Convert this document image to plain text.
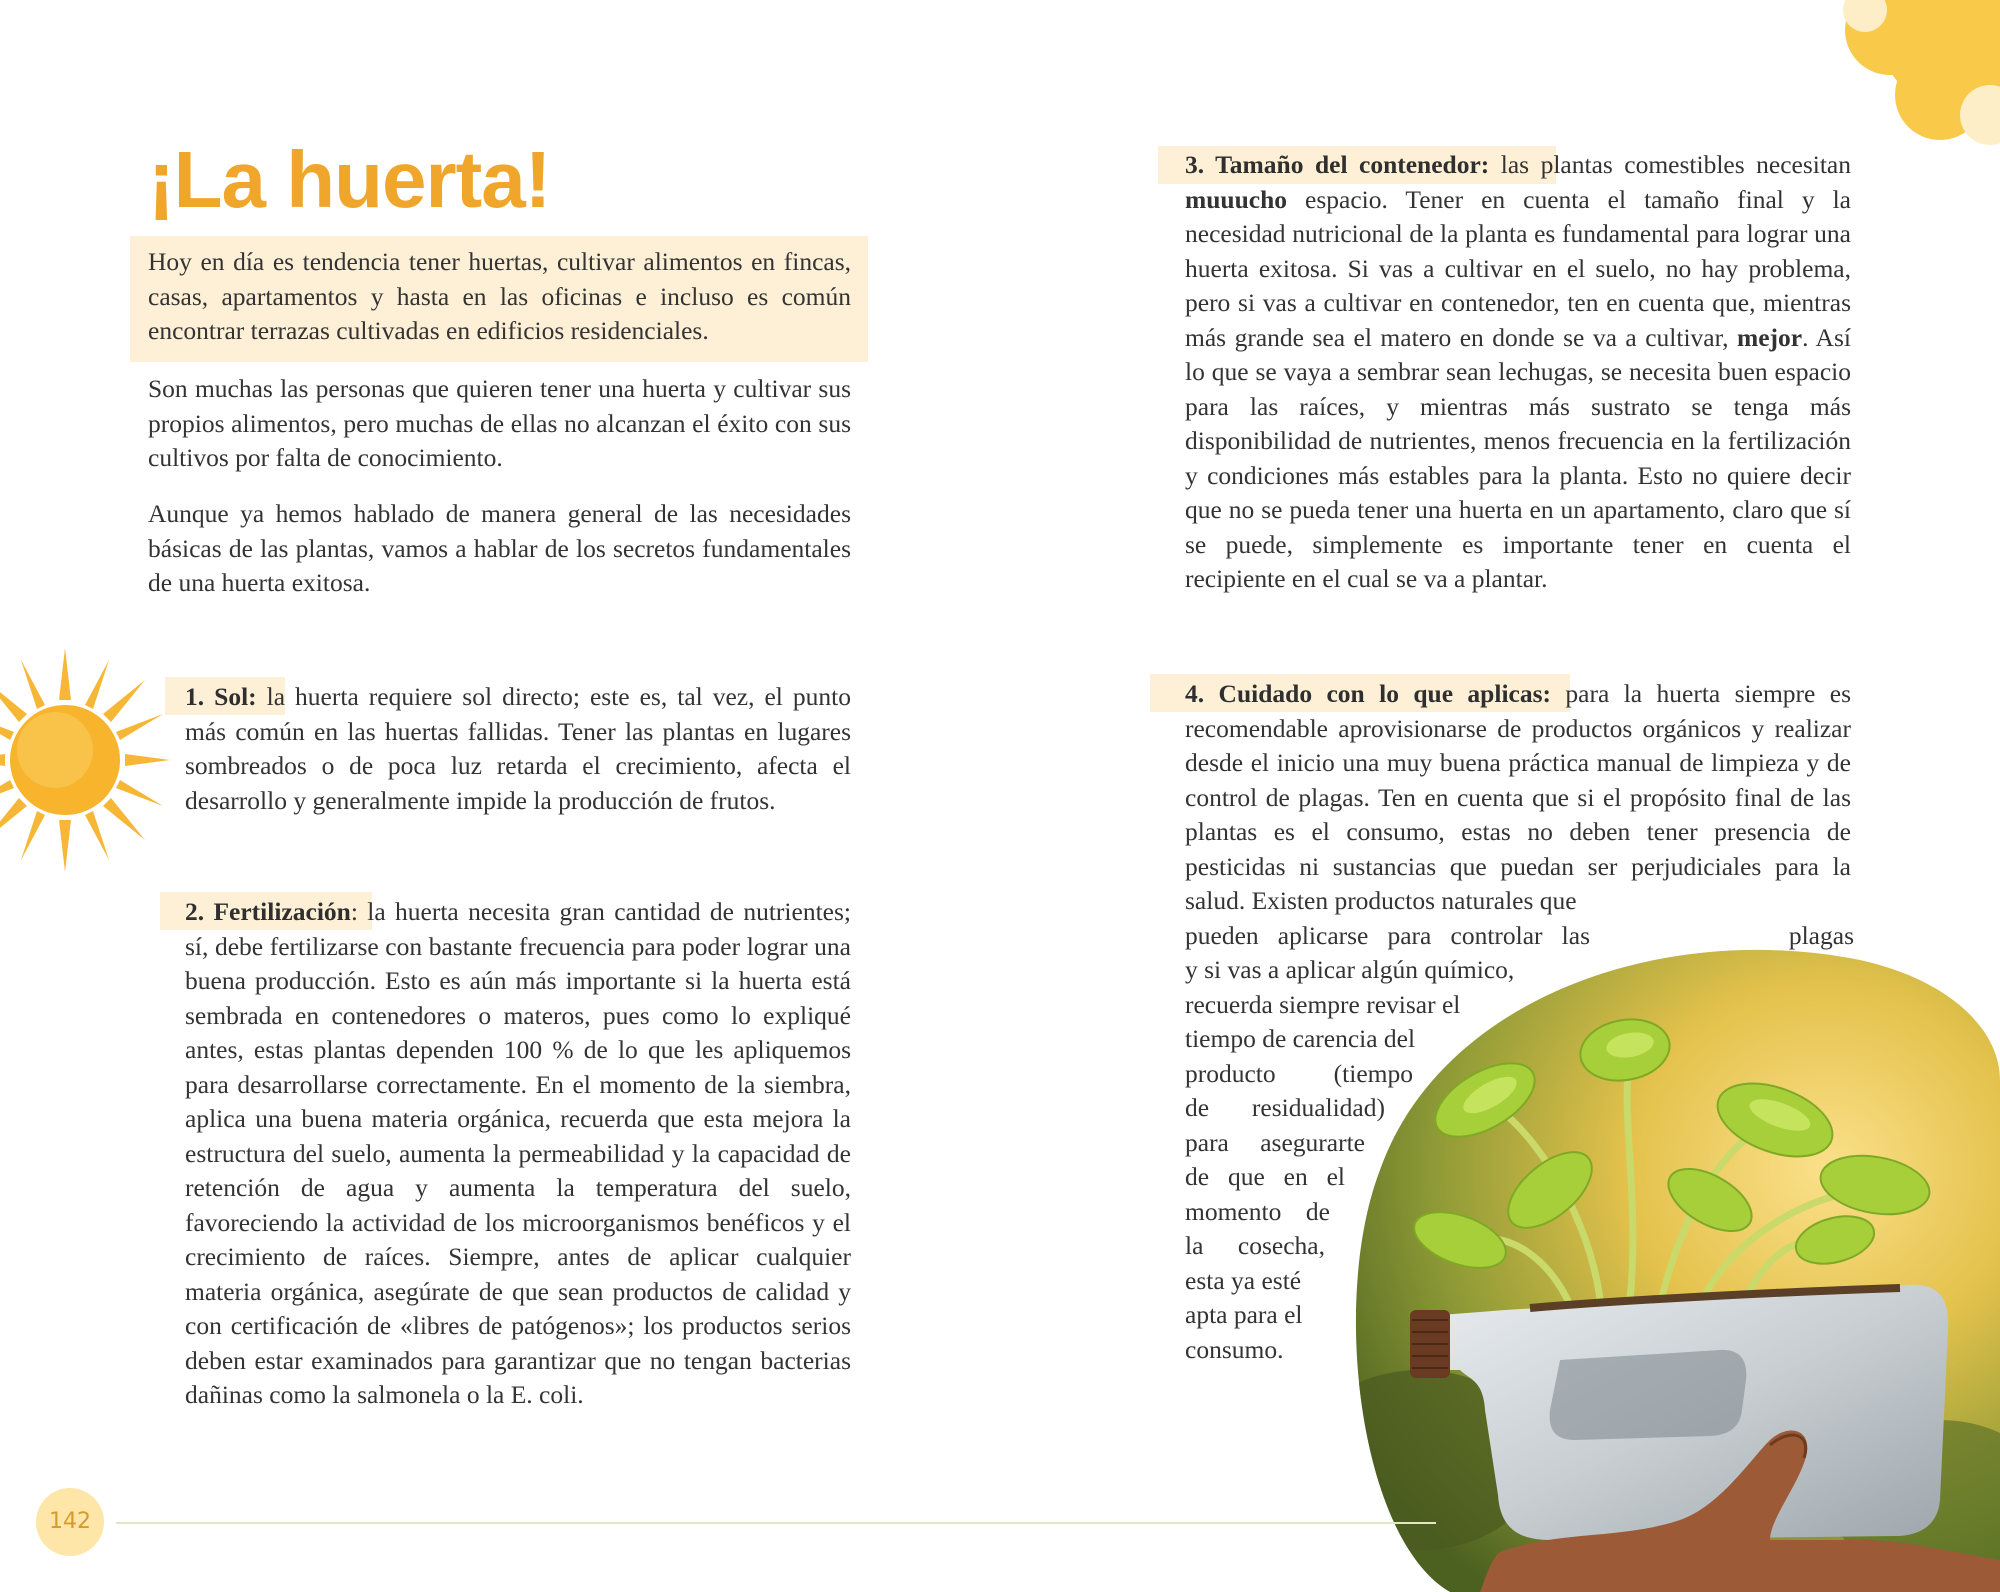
¡La huerta!

Hoy en día es tendencia tener huertas, cultivar alimentos en fincas, casas, apartamentos y hasta en las oficinas e incluso es común encontrar terrazas cultivadas en edificios residenciales.

Son muchas las personas que quieren tener una huerta y cultivar sus propios alimentos, pero muchas de ellas no alcanzan el éxito con sus cultivos por falta de conocimiento.

Aunque ya hemos hablado de manera general de las necesidades básicas de las plantas, vamos a hablar de los secretos fundamentales de una huerta exitosa.

1. Sol: la huerta requiere sol directo; este es, tal vez, el punto más común en las huertas fallidas. Tener las plantas en lugares sombreados o de poca luz retarda el crecimiento, afecta el desarrollo y generalmente impide la producción de frutos.

2. Fertilización: la huerta necesita gran cantidad de nutrientes; sí, debe fertilizarse con bastante frecuencia para poder lograr una buena producción. Esto es aún más importante si la huerta está sembrada en contenedores o materos, pues como lo expliqué antes, estas plantas dependen 100 % de lo que les apliquemos para desarrollarse correctamente. En el momento de la siembra, aplica una buena materia orgánica, recuerda que esta mejora la estructura del suelo, aumenta la permeabilidad y la capacidad de retención de agua y aumenta la temperatura del suelo, favoreciendo la actividad de los microorganismos benéficos y el crecimiento de raíces. Siempre, antes de aplicar cualquier materia orgánica, asegúrate de que sean productos de calidad y con certificación de «libres de patógenos»; los productos serios deben estar examinados para garantizar que no tengan bacterias dañinas como la salmonela o la E. coli.

3. Tamaño del contenedor: las plantas comestibles necesitan muuucho espacio. Tener en cuenta el tamaño final y la necesidad nutricional de la planta es fundamental para lograr una huerta exitosa. Si vas a cultivar en el suelo, no hay problema, pero si vas a cultivar en contenedor, ten en cuenta que, mientras más grande sea el matero en donde se va a cultivar, mejor. Así lo que se vaya a sembrar sean lechugas, se necesita buen espacio para las raíces, y mientras más sustrato se tenga más disponibilidad de nutrientes, menos frecuencia en la fertilización y condiciones más estables para la planta. Esto no quiere decir que no se pueda tener una huerta en un apartamento, claro que sí se puede, simplemente es importante tener en cuenta el recipiente en el cual se va a plantar.

4. Cuidado con lo que aplicas: para la huerta siempre es recomendable aprovisionarse de productos orgánicos y realizar desde el inicio una muy buena práctica manual de limpieza y de control de plagas. Ten en cuenta que si el propósito final de las plantas es el consumo, estas no deben tener presencia de pesticidas ni sustancias que puedan ser perjudiciales para la salud. Existen productos naturales que

pueden aplicarse para controlar las	plagas
y si vas a aplicar algún químico,
recuerda siempre revisar el
tiempo de carencia del
producto (tiempo
de residualidad)
para asegurarte
de que en el
momento de
la cosecha,
esta ya esté
apta para el
consumo.
142
